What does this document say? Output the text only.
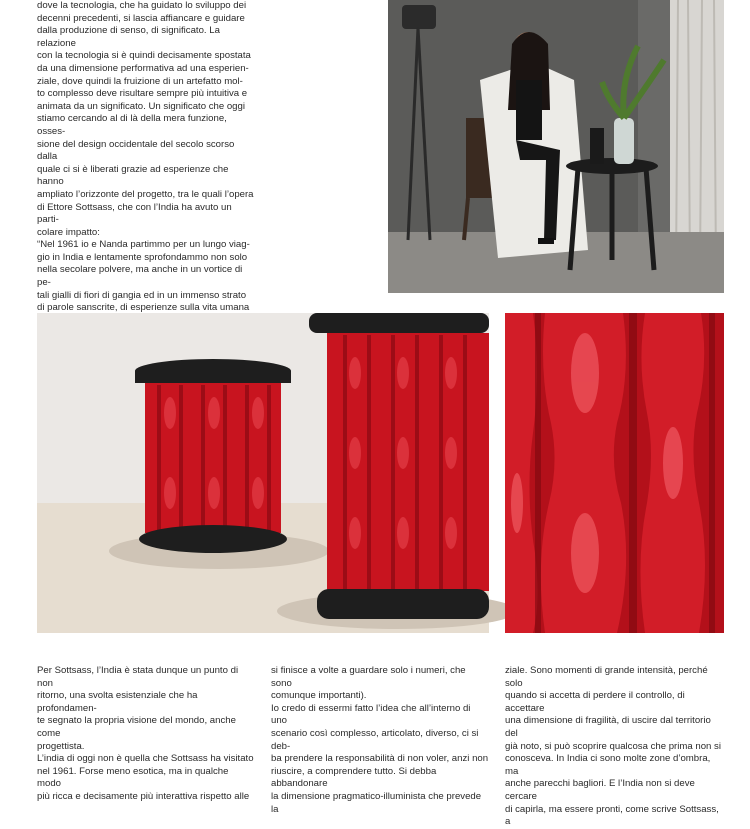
dove la tecnologia, che ha guidato lo sviluppo dei
decenni precedenti, si lascia affiancare e guidare
dalla produzione di senso, di significato. La relazione
con la tecnologia si è quindi decisamente spostata
da una dimensione performativa ad una esperien-
ziale, dove quindi la fruizione di un artefatto mol-
to complesso deve risultare sempre più intuitiva e
animata da un significato. Un significato che oggi
stiamo cercando al di là della mera funzione, osses-
sione del design occidentale del secolo scorso dalla
quale ci si è liberati grazie ad esperienze che hanno
ampliato l’orizzonte del progetto, tra le quali l’opera
di Ettore Sottsass, che con l’India ha avuto un parti-
colare impatto:
“Nel 1961 io e Nanda partimmo per un lungo viag-
gio in India e lentamente sprofondammo non solo
nella secolare polvere, ma anche in un vortice di pe-
tali gialli di fiori di gangia ed in un immenso strato
di parole sanscrite, di esperienze sulla vita umana

Per Sottsass, l’India è stata dunque un punto di non
ritorno, una svolta esistenziale che ha profondamen-
te segnato la propria visione del mondo, anche come
progettista.
L’india di oggi non è quella che Sottsass ha visitato
nel 1961. Forse meno esotica, ma in qualche modo
più ricca e decisamente più interattiva rispetto alle
si finisce a volte a guardare solo i numeri, che sono
comunque importanti).
Io credo di essermi fatto l’idea che all’interno di uno
scenario così complesso, articolato, diverso, ci si deb-
ba prendere la responsabilità di non voler, anzi non
riuscire, a comprendere tutto. Si debba abbandonare
la dimensione pragmatico-illuminista che prevede la
ziale. Sono momenti di grande intensità, perché solo
quando si accetta di perdere il controllo, di accettare
una dimensione di fragilità, di uscire dal territorio del
già noto, si può scoprire qualcosa che prima non si
conosceva. In India ci sono molte zone d’ombra, ma
anche parecchi bagliori. E l’India non si deve cercare
di capirla, ma essere pronti, come scrive Sottsass, a
